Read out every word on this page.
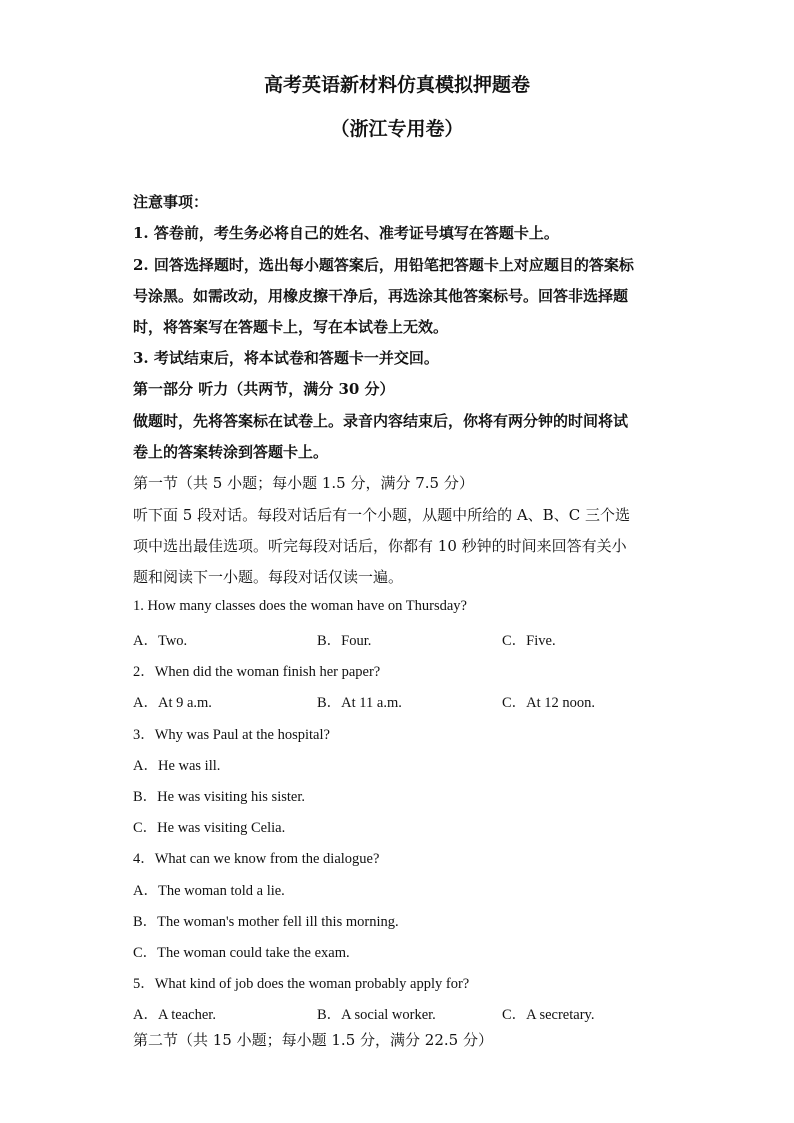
高考英语新材料仿真模拟押题卷
（浙江专用卷）
注意事项：
1. 答卷前，考生务必将自己的姓名、准考证号填写在答题卡上。
2. 回答选择题时，选出每小题答案后，用铅笔把答题卡上对应题目的答案标
号涂黑。如需改动，用橡皮擦干净后，再选涂其他答案标号。回答非选择题
时，将答案写在答题卡上，写在本试卷上无效。
3. 考试结束后，将本试卷和答题卡一并交回。
第一部分 听力（共两节，满分 30 分）
做题时，先将答案标在试卷上。录音内容结束后，你将有两分钟的时间将试
卷上的答案转涂到答题卡上。
第一节（共 5 小题；每小题 1.5 分，满分 7.5 分）
听下面 5 段对话。每段对话后有一个小题，从题中所给的 A、B、C 三个选
项中选出最佳选项。听完每段对话后，你都有 10 秒钟的时间来回答有关小
题和阅读下一小题。每段对话仅读一遍。
1. How many classes does the woman have on Thursday?
A．Two.	B．Four.	C．Five.
2．When did the woman finish her paper?
A．At 9 a.m.	B．At 11 a.m.	C．At 12 noon.
3．Why was Paul at the hospital?
A．He was ill.
B．He was visiting his sister.
C．He was visiting Celia.
4．What can we know from the dialogue?
A．The woman told a lie.
B．The woman's mother fell ill this morning.
C．The woman could take the exam.
5．What kind of job does the woman probably apply for?
A．A teacher.	B．A social worker.	C．A secretary.
第二节（共 15 小题；每小题 1.5 分，满分 22.5 分）
